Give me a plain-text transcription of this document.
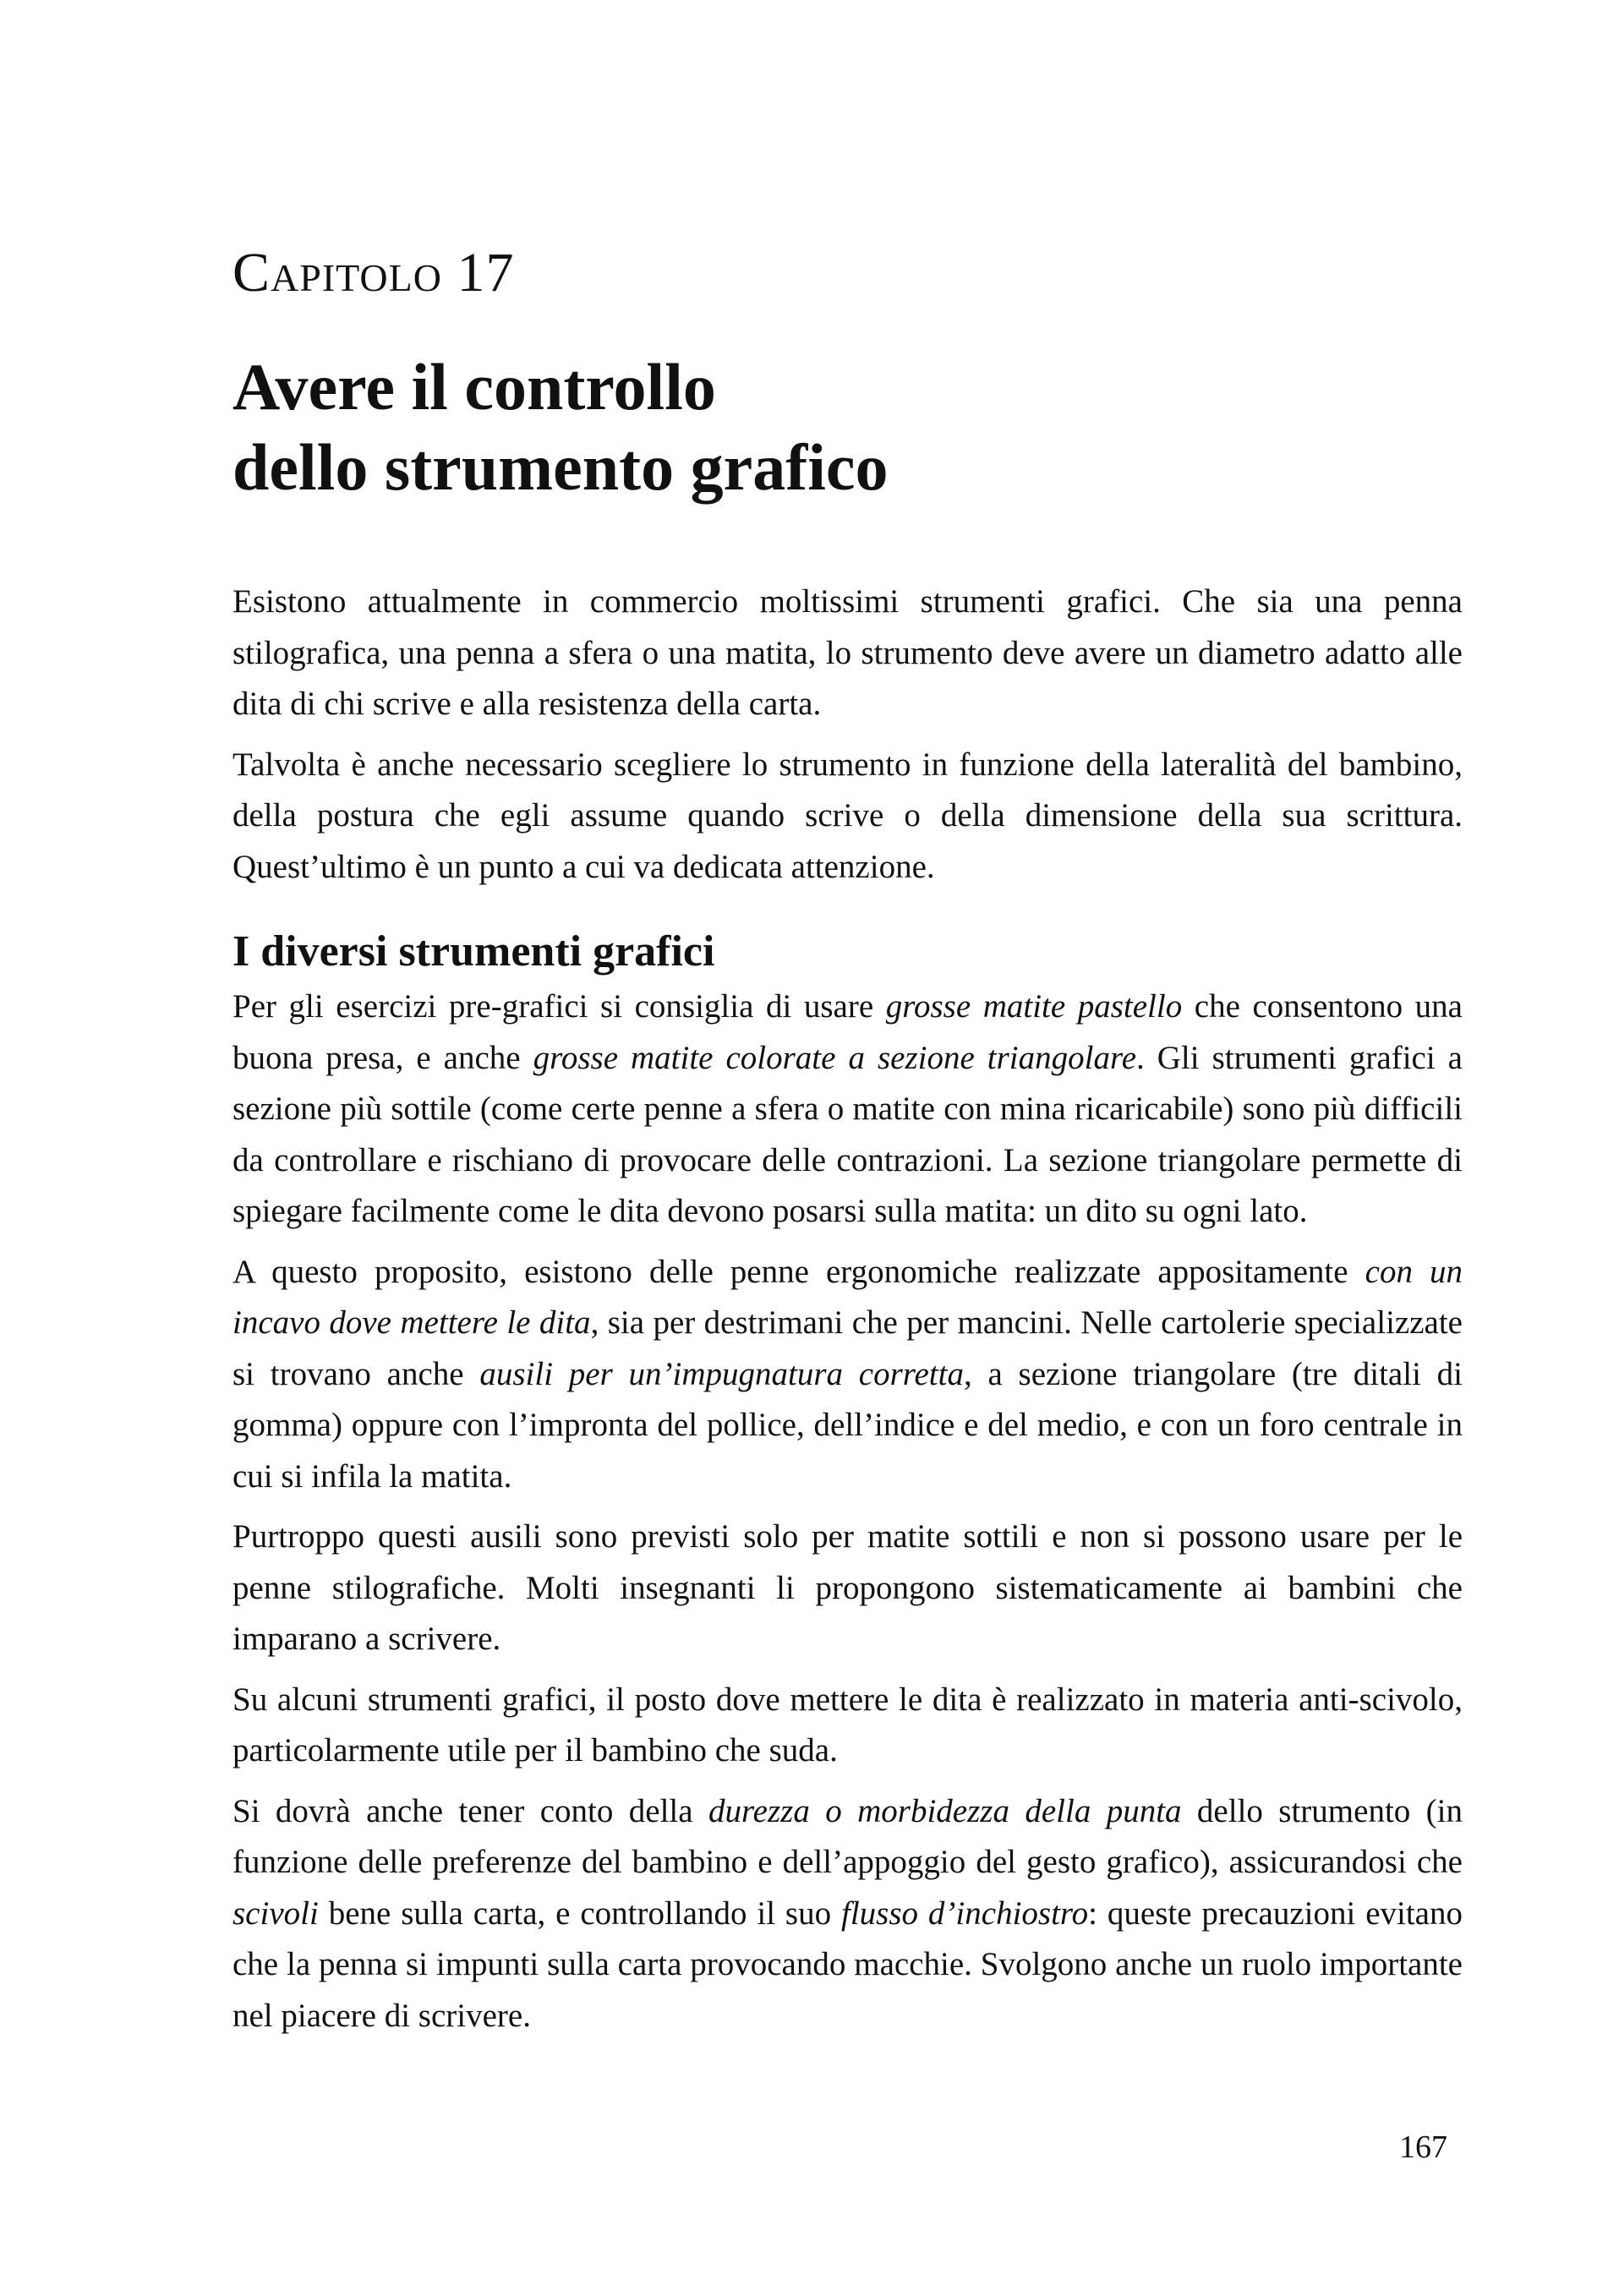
Capitolo 17
Avere il controllo
dello strumento grafico

Esistono attualmente in commercio moltissimi strumenti grafici. Che sia una penna stilografica, una penna a sfera o una matita, lo strumento deve avere un diametro adatto alle dita di chi scrive e alla resistenza della carta.

Talvolta è anche necessario scegliere lo strumento in funzione della lateralità del bambino, della postura che egli assume quando scrive o della dimensione della sua scrittura. Quest’ultimo è un punto a cui va dedicata attenzione.

I diversi strumenti grafici

Per gli esercizi pre-grafici si consiglia di usare grosse matite pastello che consentono una buona presa, e anche grosse matite colorate a sezione triangolare. Gli strumenti grafici a sezione più sottile (come certe penne a sfera o matite con mina ricaricabile) sono più difficili da controllare e rischiano di provocare delle contrazioni. La sezione triangolare permette di spiegare facilmente come le dita devono posarsi sulla matita: un dito su ogni lato.

A questo proposito, esistono delle penne ergonomiche realizzate appositamente con un incavo dove mettere le dita, sia per destrimani che per mancini. Nelle cartolerie specializzate si trovano anche ausili per un’impugnatura corretta, a sezione triangolare (tre ditali di gomma) oppure con l’impronta del pollice, dell’indice e del medio, e con un foro centrale in cui si infila la matita.

Purtroppo questi ausili sono previsti solo per matite sottili e non si possono usare per le penne stilografiche. Molti insegnanti li propongono sistematicamente ai bambini che imparano a scrivere.

Su alcuni strumenti grafici, il posto dove mettere le dita è realizzato in materia anti-scivolo, particolarmente utile per il bambino che suda.

Si dovrà anche tener conto della durezza o morbidezza della punta dello strumento (in funzione delle preferenze del bambino e dell’appoggio del gesto grafico), assicurandosi che scivoli bene sulla carta, e controllando il suo flusso d’inchiostro: queste precauzioni evitano che la penna si impunti sulla carta provocando macchie. Svolgono anche un ruolo importante nel piacere di scrivere.

167
